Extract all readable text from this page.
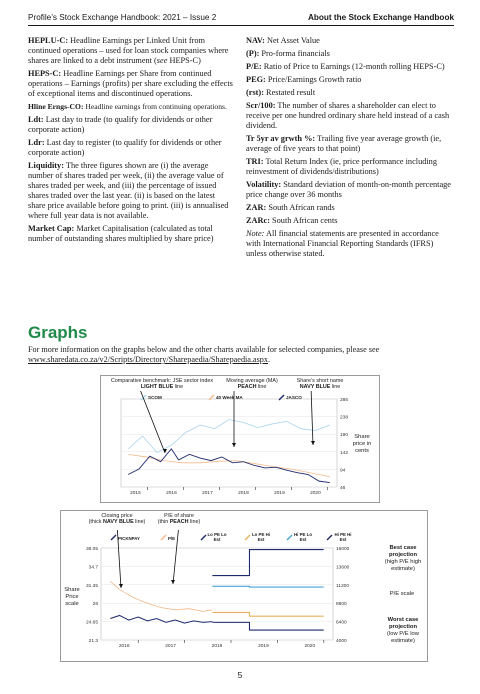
Profile’s Stock Exchange Handbook: 2021 – Issue 2	About the Stock Exchange Handbook

HEPLU-C: Headline Earnings per Linked Unit from continued operations – used for loan stock companies where shares are linked to a debt instrument (see HEPS-C)

HEPS-C: Headline Earnings per Share from continued operations – Earnings (profits) per share excluding the effects of exceptional items and discontinued operations.

Hline Erngs-CO: Headline earnings from continuing operations.

Ldt: Last day to trade (to qualify for dividends or other corporate action)

Ldr: Last day to register (to qualify for dividends or other corporate action)

Liquidity: The three figures shown are (i) the average number of shares traded per week, (ii) the average value of shares traded per week, and (iii) the percentage of issued shares traded over the last year. (ii) is based on the latest share price available before going to print. (iii) is annualised where full year data is not available.

Market Cap: Market Capitalisation (calculated as total number of outstanding shares multiplied by share price)

NAV: Net Asset Value

(P): Pro-forma financials

P/E: Ratio of Price to Earnings (12-month rolling HEPS-C)

PEG: Price/Earnings Growth ratio

(rst): Restated result

Scr/100: The number of shares a shareholder can elect to receive per one hundred ordinary share held instead of a cash dividend.

Tr 5yr av grwth %: Trailing five year average growth (ie, average of five years to that point)

TRI: Total Return Index (ie, price performance including reinvestment of dividends/distributions)

Volatility: Standard deviation of month-on-month percentage price change over 36 months

ZAR: South African rands

ZARc: South African cents

Note: All financial statements are presented in accordance with International Financial Reporting Standards (IFRS) unless otherwise stated.

Graphs
For more information on the graphs below and the other charts available for selected companies, please see www.sharedata.co.za/v2/Scripts/Directory/Sharepaedia/Sharepaedia.aspx.
Comparative benchmark: JSE sector index
LIGHT BLUE line
Moving average (MA)
PEACH line
Share’s short name
NAVY BLUE line
46
94
142
190
238
286
2015	2016	2017	2018	2019	2020
SCOM	40 Week MA	JASCO
Share price in cents
Closing price
(thick NAVY BLUE line)
P/E of share
(thin PEACH line)
21.3	4000
24.65	6400
28	8800
31.35	11200
34.7	13600
38.05	16000
2016	2017	2018	2019	2020
PICKNPAY	P/E
Lo PE Lo
Est
Lo PE Hi
Est
Hi PE Lo
Est
Hi PE Hi
Est
Share Price scale
P/E scale
Best case projection
(high P/E high estimate)
Worst case projection
(low P/E low estimate)
5
